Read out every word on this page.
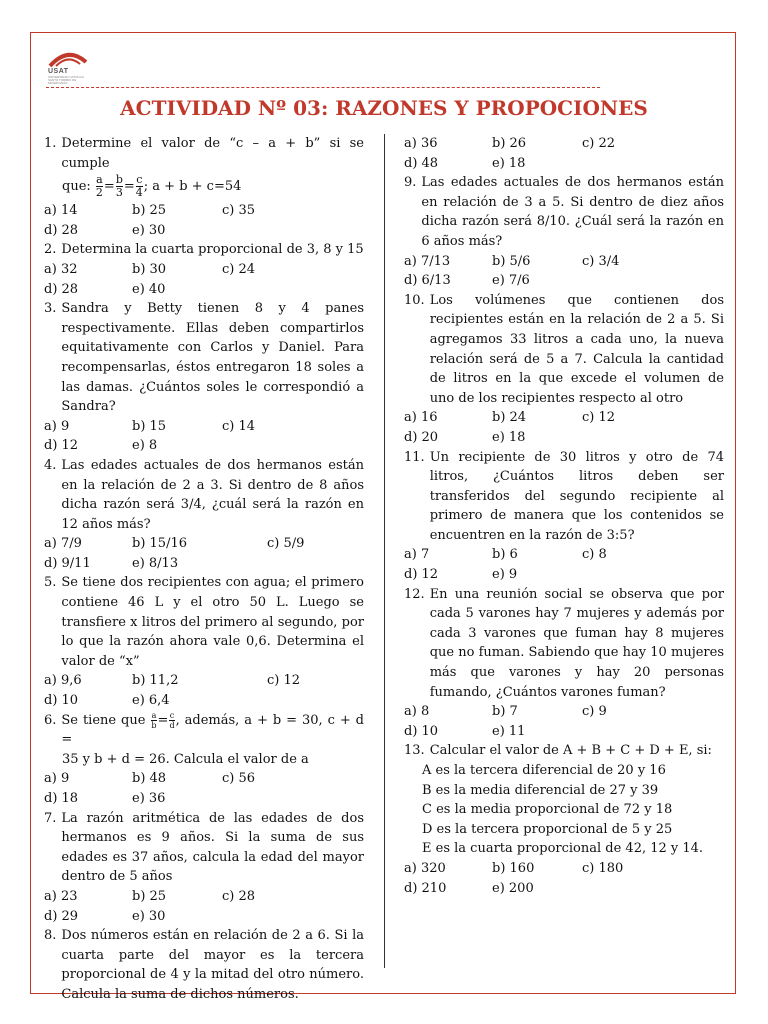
USAT
UNIVERSIDAD CATÓLICA SANTO TORIBIO DE MOGROVEJO
ACTIVIDAD Nº 03: RAZONES Y PROPOCIONES
1. Determine el valor de “c – a + b” si se cumple
que: $\frac{a}{2} = \frac{b}{3} = \frac{c}{4}$ ; a + b + c=54
a) 14	b) 25	c) 35
d) 28	e) 30
2. Determina la cuarta proporcional de 3, 8 y 15
a) 32	b) 30	c) 24
d) 28	e) 40
3. Sandra y Betty tienen 8 y 4 panes respectivamente. Ellas deben compartirlos equitativamente con Carlos y Daniel. Para recompensarlas, éstos entregaron 18 soles a las damas. ¿Cuántos soles le correspondió a Sandra?
a) 9	b) 15	c) 14
d) 12	e) 8
4. Las edades actuales de dos hermanos están en la relación de 2 a 3. Si dentro de 8 años dicha razón será 3/4, ¿cuál será la razón en 12 años más?
a) 7/9	b) 15/16	c) 5/9
d) 9/11	e) 8/13
5. Se tiene dos recipientes con agua; el primero contiene 46 L y el otro 50 L. Luego se transfiere x litros del primero al segundo, por lo que la razón ahora vale 0,6. Determina el valor de “x”
a) 9,6	b) 11,2	c) 12
d) 10	e) 6,4
6. Se tiene que $\frac{a}{b} = \frac{c}{d}$ , además, a + b = 30, c + d =
35 y b + d = 26. Calcula el valor de a
a) 9	b) 48	c) 56
d) 18	e) 36
7. La razón aritmética de las edades de dos hermanos es 9 años. Si la suma de sus edades es 37 años, calcula la edad del mayor dentro de 5 años
a) 23	b) 25	c) 28
d) 29	e) 30
8. Dos números están en relación de 2 a 6. Si la cuarta parte del mayor es la tercera proporcional de 4 y la mitad del otro número. Calcula la suma de dichos números.
a) 36	b) 26	c) 22
d) 48	e) 18
9. Las edades actuales de dos hermanos están en relación de 3 a 5. Si dentro de diez años dicha razón será 8/10. ¿Cuál será la razón en 6 años más?
a) 7/13	b) 5/6	c) 3/4
d) 6/13	e) 7/6
10. Los volúmenes que contienen dos recipientes están en la relación de 2 a 5. Si agregamos 33 litros a cada uno, la nueva relación será de 5 a 7. Calcula la cantidad de litros en la que excede el volumen de uno de los recipientes respecto al otro
a) 16	b) 24	c) 12
d) 20	e) 18
11. Un recipiente de 30 litros y otro de 74 litros, ¿Cuántos litros deben ser transferidos del segundo recipiente al primero de manera que los contenidos se encuentren en la razón de 3:5?
a) 7	b) 6	c) 8
d) 12	e) 9
12. En una reunión social se observa que por cada 5 varones hay 7 mujeres y además por cada 3 varones que fuman hay 8 mujeres que no fuman. Sabiendo que hay 10 mujeres más que varones y hay 20 personas fumando, ¿Cuántos varones fuman?
a) 8	b) 7	c) 9
d) 10	e) 11
13. Calcular el valor de A + B + C + D + E, si:
A es la tercera diferencial de 20 y 16
B es la media diferencial de 27 y 39
C es la media proporcional de 72 y 18
D es la tercera proporcional de 5 y 25
E es la cuarta proporcional de 42, 12 y 14.
a) 320	b) 160	c) 180
d) 210	e) 200
